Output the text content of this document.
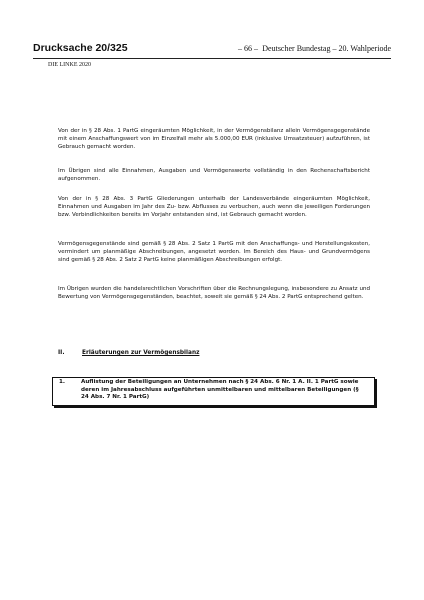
Drucksache 20/325	– 66 – Deutscher Bundestag – 20. Wahlperiode
DIE LINKE 2020
Von der in § 28 Abs. 1 PartG eingeräumten Möglichkeit, in der Vermögensbilanz allein Vermögensgegenstände mit einem Anschaffungswert von im Einzelfall mehr als 5.000,00 EUR (inklusive Umsatzsteuer) aufzuführen, ist Gebrauch gemacht worden.
Im Übrigen sind alle Einnahmen, Ausgaben und Vermögenswerte vollständig in den Rechenschaftsbericht aufgenommen.
Von der in § 28 Abs. 3 PartG Gliederungen unterhalb der Landesverbände eingeräumten Möglichkeit, Einnahmen und Ausgaben im Jahr des Zu- bzw. Abflusses zu verbuchen, auch wenn die jeweiligen Forderungen bzw. Verbindlichkeiten bereits im Vorjahr entstanden sind, ist Gebrauch gemacht worden.
Vermögensgegenstände sind gemäß § 28 Abs. 2 Satz 1 PartG mit den Anschaffungs- und Herstellungskosten, vermindert um planmäßige Abschreibungen, angesetzt worden. Im Bereich des Haus- und Grundvermögens sind gemäß § 28 Abs. 2 Satz 2 PartG keine planmäßigen Abschreibungen erfolgt.
Im Übrigen wurden die handelsrechtlichen Vorschriften über die Rechnungslegung, insbesondere zu Ansatz und Bewertung von Vermögensgegenständen, beachtet, soweit sie gemäß § 24 Abs. 2 PartG entsprechend gelten.
II.	Erläuterungen zur Vermögensbilanz
1.	Auflistung der Beteiligungen an Unternehmen nach § 24 Abs. 6 Nr. 1 A. II. 1 PartG sowie deren im Jahresabschluss aufgeführten unmittelbaren und mittelbaren Beteiligungen (§ 24 Abs. 7 Nr. 1 PartG)
